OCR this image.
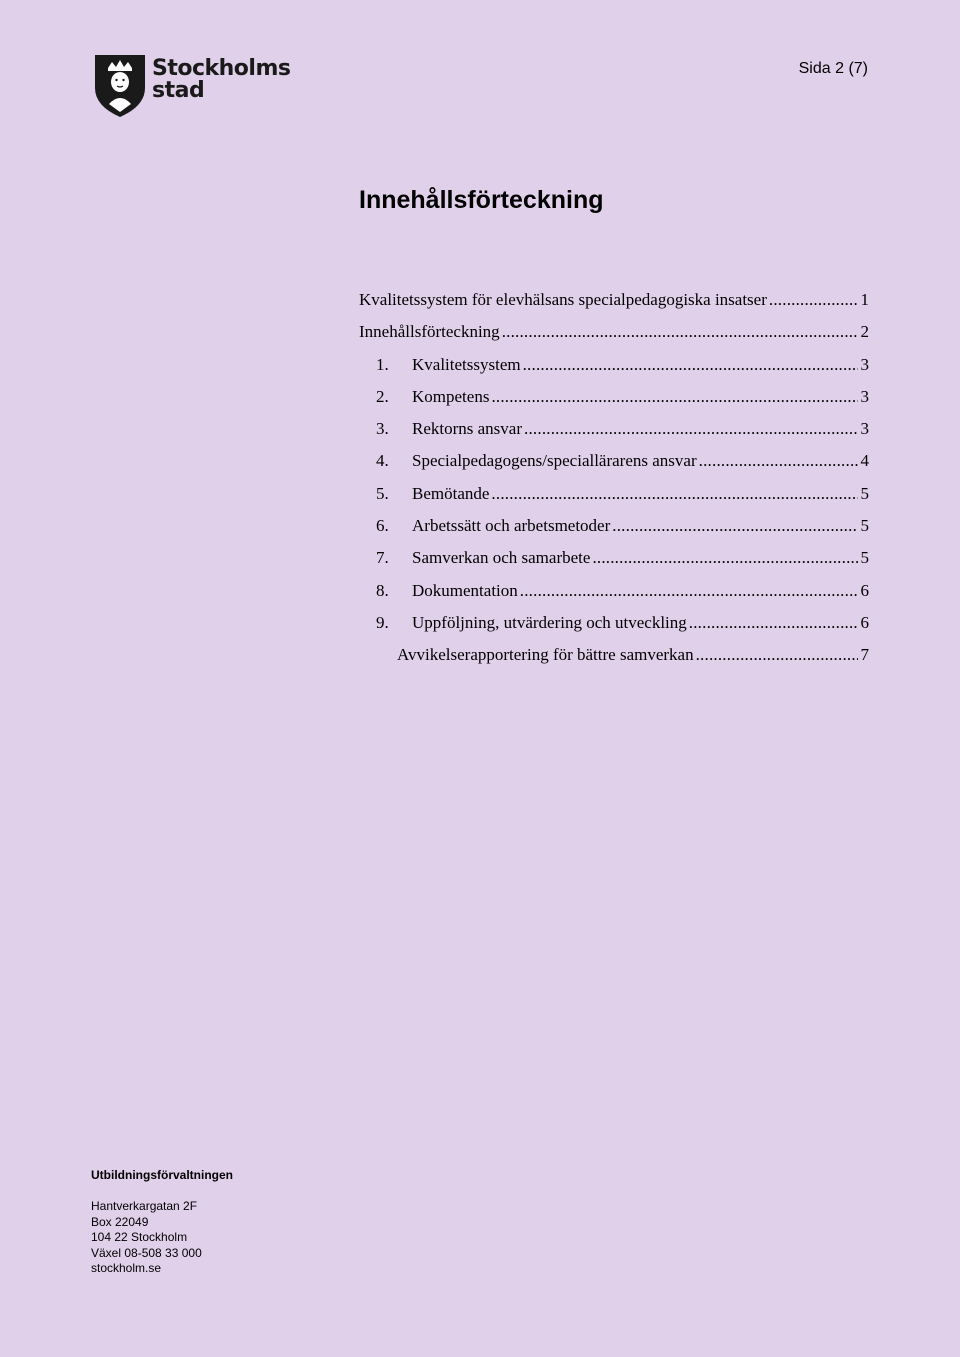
Stockholms
stad
Sida 2 (7)
Innehållsförteckning
Kvalitetssystem för elevhälsans specialpedagogiska insatser .....	1
Innehållsförteckning .....	2
1.	Kvalitetssystem .....	3
2.	Kompetens .....	3
3.	Rektorns ansvar .....	3
4.	Specialpedagogens/speciallärarens ansvar .....	4
5.	Bemötande .....	5
6.	Arbetssätt och arbetsmetoder .....	5
7.	Samverkan och samarbete .....	5
8.	Dokumentation .....	6
9.	Uppföljning, utvärdering och utveckling .....	6
Avvikelserapportering för bättre samverkan .....	7
Utbildningsförvaltningen
Hantverkargatan 2F
Box 22049
104 22 Stockholm
Växel 08-508 33 000
stockholm.se
